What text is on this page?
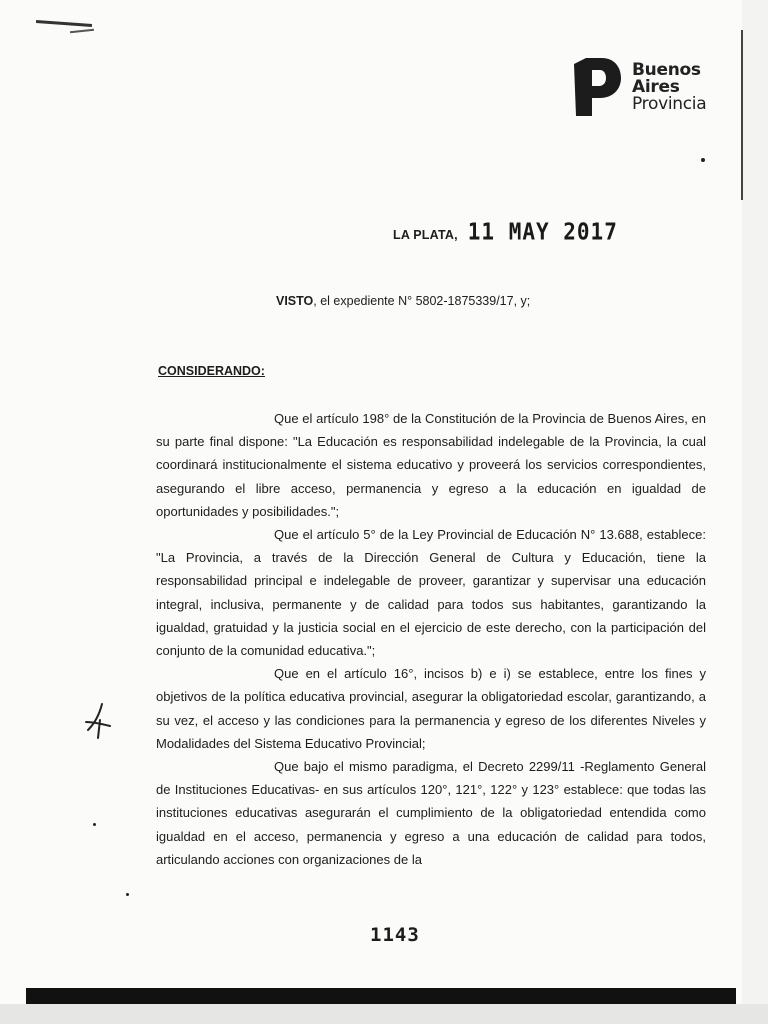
Buenos
Aires
Provincia
LA PLATA, 11 MAY 2017
VISTO, el expediente N° 5802-1875339/17, y;
CONSIDERANDO:

Que el artículo 198° de la Constitución de la Provincia de Buenos Aires, en su parte final dispone: "La Educación es responsabilidad indelegable de la Provincia, la cual coordinará institucionalmente el sistema educativo y proveerá los servicios correspondientes, asegurando el libre acceso, permanencia y egreso a la educación en igualdad de oportunidades y posibilidades.";

Que el artículo 5° de la Ley Provincial de Educación N° 13.688, establece: "La Provincia, a través de la Dirección General de Cultura y Educación, tiene la responsabilidad principal e indelegable de proveer, garantizar y supervisar una educación integral, inclusiva, permanente y de calidad para todos sus habitantes, garantizando la igualdad, gratuidad y la justicia social en el ejercicio de este derecho, con la participación del conjunto de la comunidad educativa.";

Que en el artículo 16°, incisos b) e i) se establece, entre los fines y objetivos de la política educativa provincial, asegurar la obligatoriedad escolar, garantizando, a su vez, el acceso y las condiciones para la permanencia y egreso de los diferentes Niveles y Modalidades del Sistema Educativo Provincial;

Que bajo el mismo paradigma, el Decreto 2299/11 -Reglamento General de Instituciones Educativas- en sus artículos 120°, 121°, 122° y 123° establece: que todas las instituciones educativas asegurarán el cumplimiento de la obligatoriedad entendida como igualdad en el acceso, permanencia y egreso a una educación de calidad para todos, articulando acciones con organizaciones de la

1143
